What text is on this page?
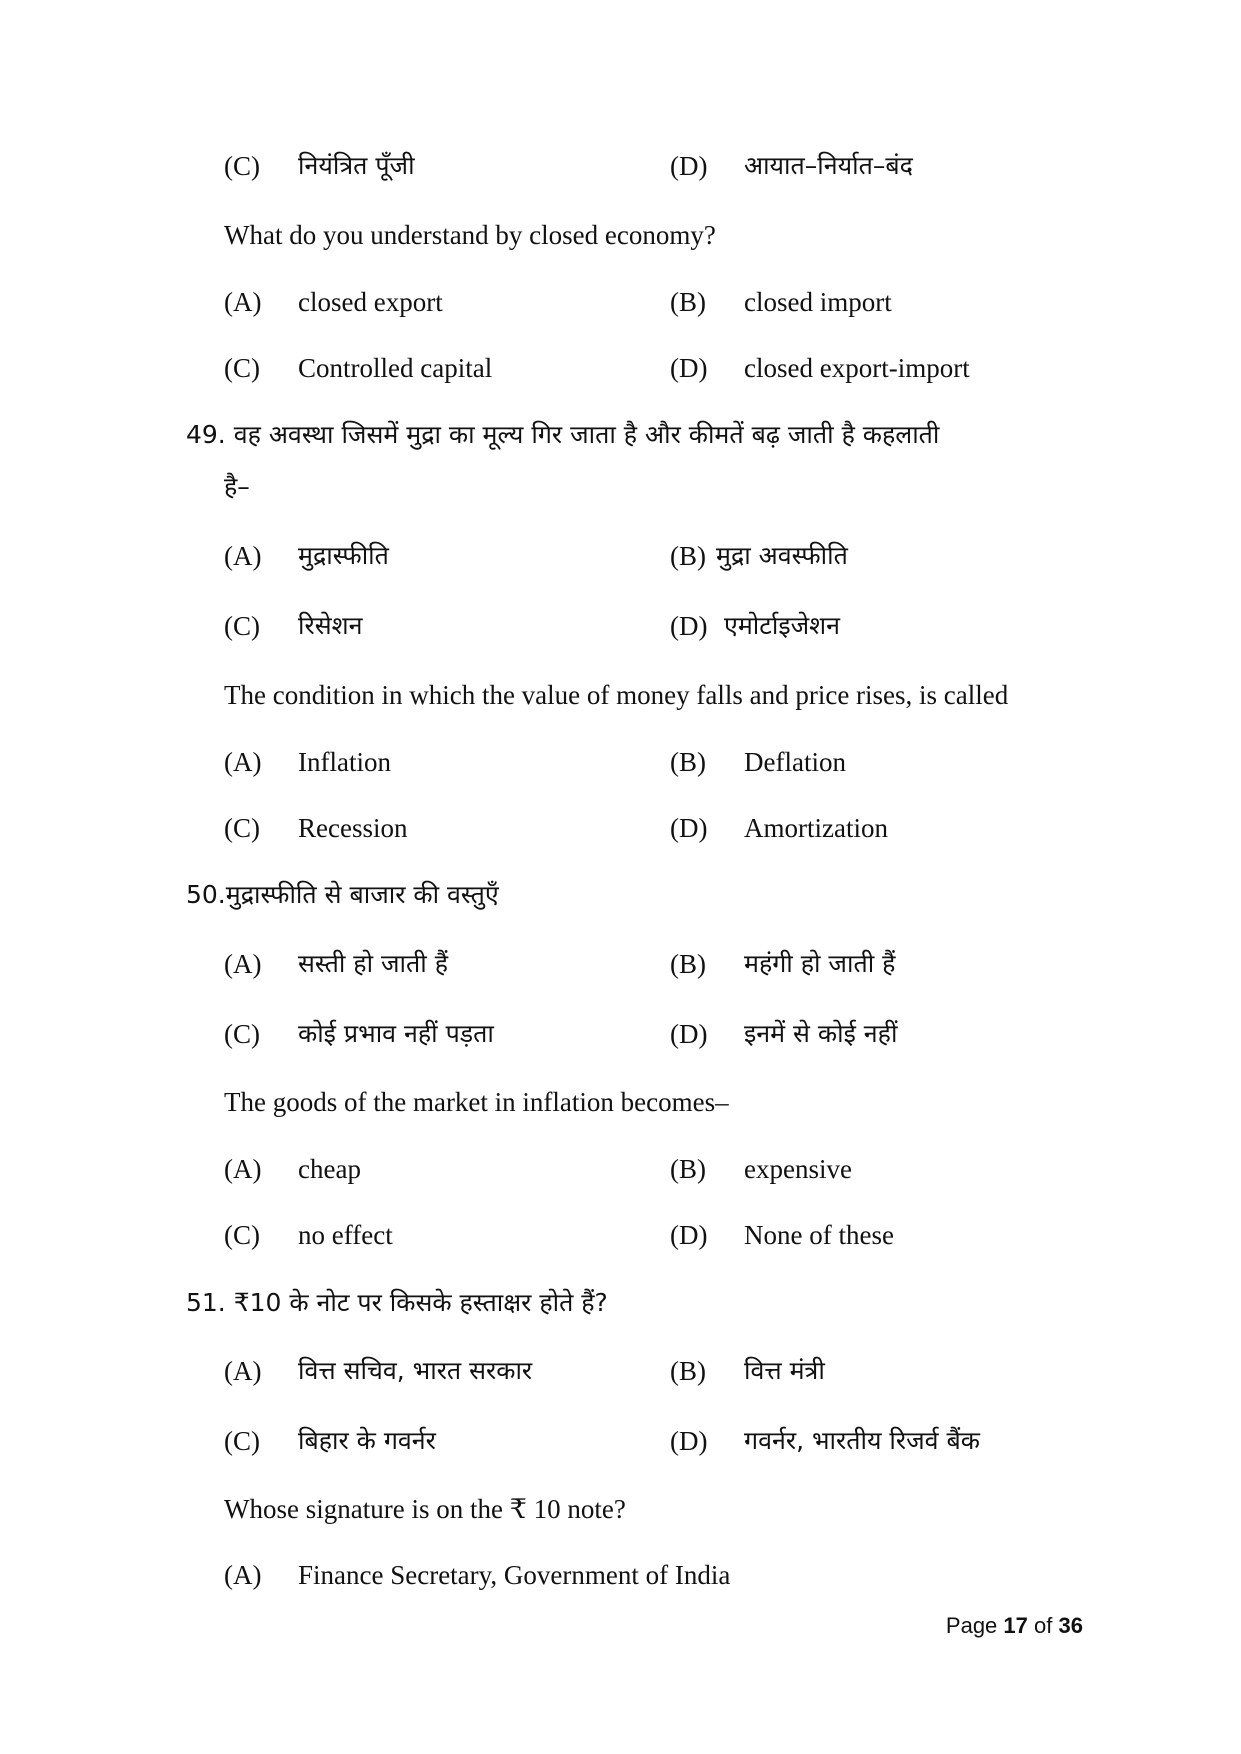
(C) नियंत्रित पूँजी	(D) आयात–निर्यात–बंद
What do you understand by closed economy?
(A) closed export	(B) closed import
(C) Controlled capital	(D) closed export-import
49. वह अवस्था जिसमें मुद्रा का मूल्य गिर जाता है और कीमतें बढ़ जाती है कहलाती
है–
(A) मुद्रास्फीति	(B) मुद्रा अवस्फीति
(C) रिसेशन	(D) एमोर्टाइजेशन
The condition in which the value of money falls and price rises, is called
(A) Inflation	(B) Deflation
(C) Recession	(D) Amortization
50.मुद्रास्फीति से बाजार की वस्तुएँ
(A) सस्ती हो जाती हैं	(B) महंगी हो जाती हैं
(C) कोई प्रभाव नहीं पड़ता	(D) इनमें से कोई नहीं
The goods of the market in inflation becomes–
(A) cheap	(B) expensive
(C) no effect	(D) None of these
51. ₹10 के नोट पर किसके हस्ताक्षर होते हैं?
(A) वित्त सचिव, भारत सरकार	(B) वित्त मंत्री
(C) बिहार के गवर्नर	(D) गवर्नर, भारतीय रिजर्व बैंक
Whose signature is on the ₹ 10 note?
(A) Finance Secretary, Government of India
Page 17 of 36
